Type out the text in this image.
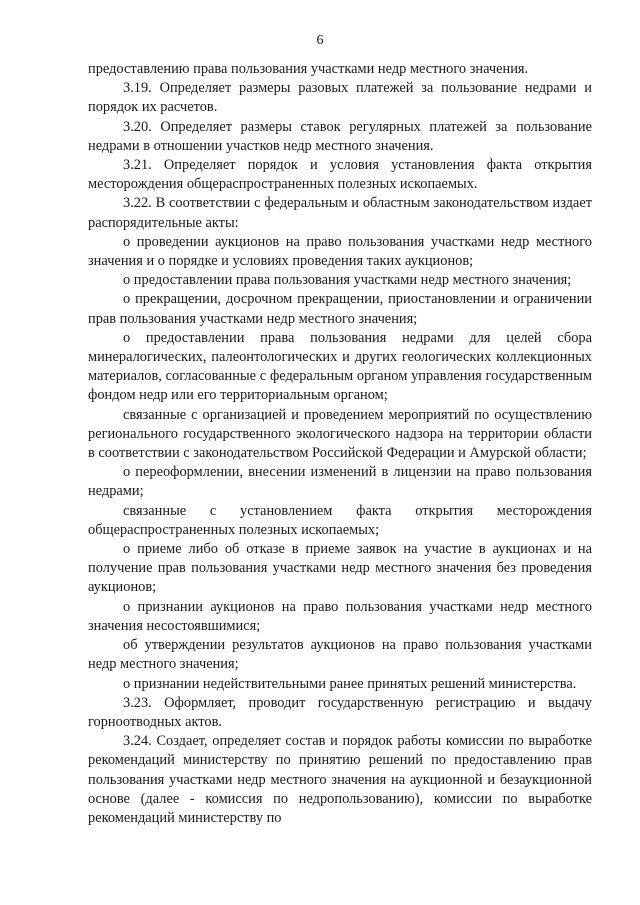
6

предоставлению права пользования участками недр местного значения.

3.19. Определяет размеры разовых платежей за пользование недрами и порядок их расчетов.

3.20. Определяет размеры ставок регулярных платежей за пользование недрами в отношении участков недр местного значения.

3.21. Определяет порядок и условия установления факта открытия месторождения общераспространенных полезных ископаемых.

3.22. В соответствии с федеральным и областным законодательством издает распорядительные акты:

о проведении аукционов на право пользования участками недр местного значения и о порядке и условиях проведения таких аукционов;

о предоставлении права пользования участками недр местного значения;

о прекращении, досрочном прекращении, приостановлении и ограничении прав пользования участками недр местного значения;

о предоставлении права пользования недрами для целей сбора минералогических, палеонтологических и других геологических коллекционных материалов, согласованные с федеральным органом управления государственным фондом недр или его территориальным органом;

связанные с организацией и проведением мероприятий по осуществлению регионального государственного экологического надзора на территории области в соответствии с законодательством Российской Федерации и Амурской области;

о переоформлении, внесении изменений в лицензии на право пользования недрами;

связанные с установлением факта открытия месторождения общераспространенных полезных ископаемых;

о приеме либо об отказе в приеме заявок на участие в аукционах и на получение прав пользования участками недр местного значения без проведения аукционов;

о признании аукционов на право пользования участками недр местного значения несостоявшимися;

об утверждении результатов аукционов на право пользования участками недр местного значения;

о признании недействительными ранее принятых решений министерства.

3.23. Оформляет, проводит государственную регистрацию и выдачу горноотводных актов.

3.24. Создает, определяет состав и порядок работы комиссии по выработке рекомендаций министерству по принятию решений по предоставлению прав пользования участками недр местного значения на аукционной и безаукционной основе (далее - комиссия по недропользованию), комиссии по выработке рекомендаций министерству по
